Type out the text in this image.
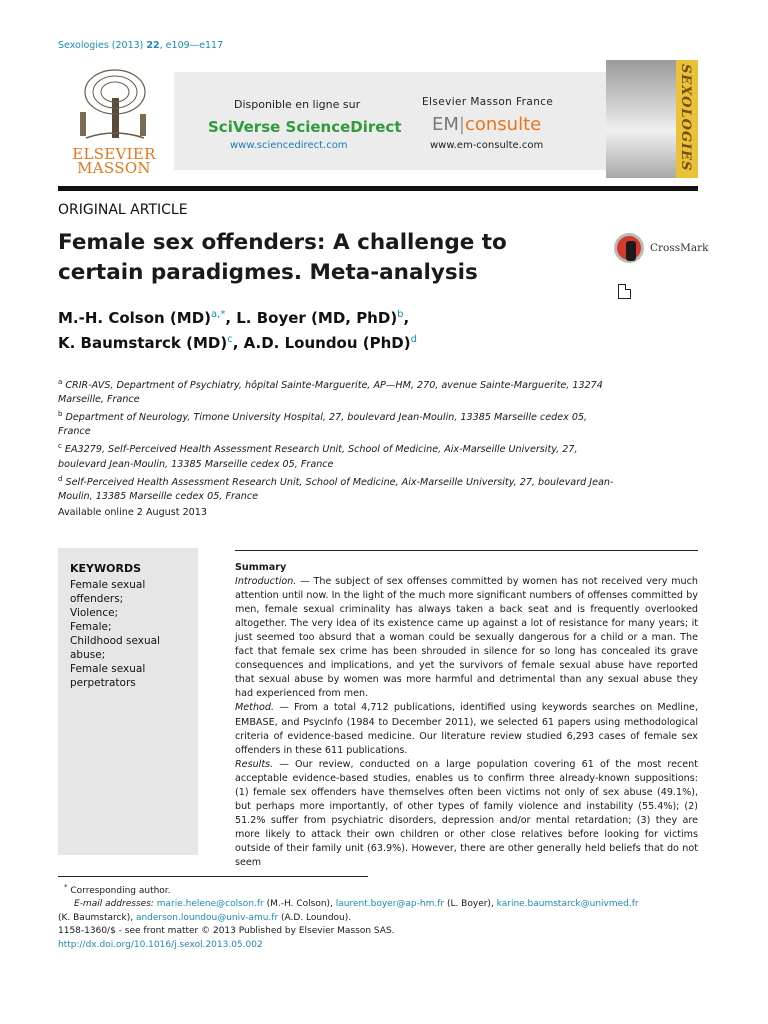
Sexologies (2013) 22, e109—e117
ELSEVIER
MASSON
Disponible en ligne sur
SciVerse ScienceDirect
www.sciencedirect.com
Elsevier Masson France
EM|consulte
www.em-consulte.com	SEXOLOGIES
ORIGINAL ARTICLE
Female sex offenders: A challenge to certain paradigmes. Meta-analysis
CrossMark
M.-H. Colson (MD)$^{a,*}$, L. Boyer (MD, PhD)$^b$,
K. Baumstarck (MD)$^c$, A.D. Loundou (PhD)$^d$
$^a$ CRIR-AVS, Department of Psychiatry, hôpital Sainte-Marguerite, AP—HM, 270, avenue Sainte-Marguerite, 13274 Marseille, France
$^b$ Department of Neurology, Timone University Hospital, 27, boulevard Jean-Moulin, 13385 Marseille cedex 05, France
$^c$ EA3279, Self-Perceived Health Assessment Research Unit, School of Medicine, Aix-Marseille University, 27, boulevard Jean-Moulin, 13385 Marseille cedex 05, France
$^d$ Self-Perceived Health Assessment Research Unit, School of Medicine, Aix-Marseille University, 27, boulevard Jean-Moulin, 13385 Marseille cedex 05, France
Available online 2 August 2013
KEYWORDS
Female sexual offenders;
Violence;
Female;
Childhood sexual abuse;
Female sexual perpetrators

Summary

Introduction. — The subject of sex offenses committed by women has not received very much attention until now. In the light of the much more significant numbers of offenses committed by men, female sexual criminality has always taken a back seat and is frequently overlooked altogether. The very idea of its existence came up against a lot of resistance for many years; it just seemed too absurd that a woman could be sexually dangerous for a child or a man. The fact that female sex crime has been shrouded in silence for so long has concealed its grave consequences and implications, and yet the survivors of female sexual abuse have reported that sexual abuse by women was more harmful and detrimental than any sexual abuse they had experienced from men.

Method. — From a total 4,712 publications, identified using keywords searches on Medline, EMBASE, and PsycInfo (1984 to December 2011), we selected 61 papers using methodological criteria of evidence-based medicine. Our literature review studied 6,293 cases of female sex offenders in these 611 publications.

Results. — Our review, conducted on a large population covering 61 of the most recent acceptable evidence-based studies, enables us to confirm three already-known suppositions: (1) female sex offenders have themselves often been victims not only of sex abuse (49.1%), but perhaps more importantly, of other types of family violence and instability (55.4%); (2) 51.2% suffer from psychiatric disorders, depression and/or mental retardation; (3) they are more likely to attack their own children or other close relatives before looking for victims outside of their family unit (63.9%). However, there are other generally held beliefs that do not seem

* Corresponding author.
E-mail addresses: marie.helene@colson.fr (M.-H. Colson), laurent.boyer@ap-hm.fr (L. Boyer), karine.baumstarck@univmed.fr
(K. Baumstarck), anderson.loundou@univ-amu.fr (A.D. Loundou).
1158-1360/$ - see front matter © 2013 Published by Elsevier Masson SAS.
http://dx.doi.org/10.1016/j.sexol.2013.05.002
